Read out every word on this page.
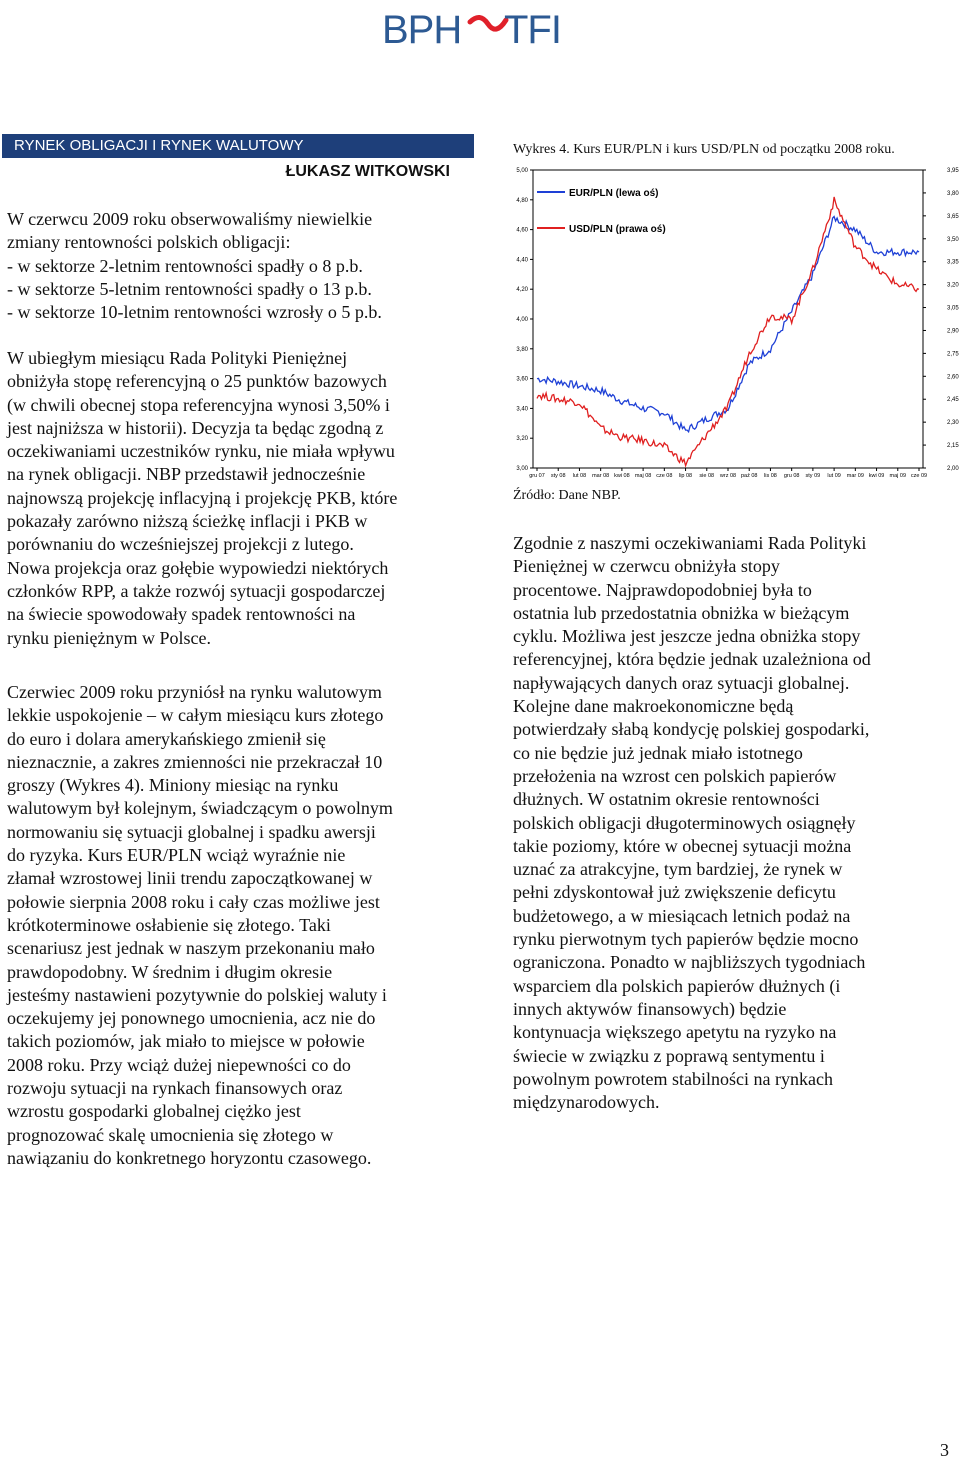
BPH TFI
RYNEK OBLIGACJI I RYNEK WALUTOWY
ŁUKASZ WITKOWSKI

W czerwcu 2009 roku obserwowaliśmy niewielkie
zmiany rentowności polskich obligacji:
- w sektorze 2-letnim rentowności spadły o 8 p.b.
- w sektorze 5-letnim rentowności spadły o 13 p.b.
- w sektorze 10-letnim rentowności wzrosły o 5 p.b.

W ubiegłym miesiącu Rada Polityki Pieniężnej
obniżyła stopę referencyjną o 25 punktów bazowych
(w chwili obecnej stopa referencyjna wynosi 3,50% i
jest najniższa w historii). Decyzja ta będąc zgodną z
oczekiwaniami uczestników rynku, nie miała wpływu
na rynek obligacji. NBP przedstawił jednocześnie
najnowszą projekcję inflacyjną i projekcję PKB, które
pokazały zarówno niższą ścieżkę inflacji i PKB w
porównaniu do wcześniejszej projekcji z lutego.
Nowa projekcja oraz gołębie wypowiedzi niektórych
członków RPP, a także rozwój sytuacji gospodarczej
na świecie spowodowały spadek rentowności na
rynku pieniężnym w Polsce.

Czerwiec 2009 roku przyniósł na rynku walutowym
lekkie uspokojenie – w całym miesiącu kurs złotego
do euro i dolara amerykańskiego zmienił się
nieznacznie, a zakres zmienności nie przekraczał 10
groszy (Wykres 4). Miniony miesiąc na rynku
walutowym był kolejnym, świadczącym o powolnym
normowaniu się sytuacji globalnej i spadku awersji
do ryzyka. Kurs EUR/PLN wciąż wyraźnie nie
złamał wzrostowej linii trendu zapoczątkowanej w
połowie sierpnia 2008 roku i cały czas możliwe jest
krótkoterminowe osłabienie się złotego. Taki
scenariusz jest jednak w naszym przekonaniu mało
prawdopodobny. W średnim i długim okresie
jesteśmy nastawieni pozytywnie do polskiej waluty i
oczekujemy jej ponownego umocnienia, acz nie do
takich poziomów, jak miało to miejsce w połowie
2008 roku. Przy wciąż dużej niepewności co do
rozwoju sytuacji na rynkach finansowych oraz
wzrostu gospodarki globalnej ciężko jest
prognozować skalę umocnienia się złotego w
nawiązaniu do konkretnego horyzontu czasowego.

Zgodnie z naszymi oczekiwaniami Rada Polityki
Pieniężnej w czerwcu obniżyła stopy
procentowe. Najprawdopodobniej była to
ostatnia lub przedostatnia obniżka w bieżącym
cyklu. Możliwa jest jeszcze jedna obniżka stopy
referencyjnej, która będzie jednak uzależniona od
napływających danych oraz sytuacji globalnej.
Kolejne dane makroekonomiczne będą
potwierdzały słabą kondycję polskiej gospodarki,
co nie będzie już jednak miało istotnego
przełożenia na wzrost cen polskich papierów
dłużnych. W ostatnim okresie rentowności
polskich obligacji długoterminowych osiągnęły
takie poziomy, które w obecnej sytuacji można
uznać za atrakcyjne, tym bardziej, że rynek w
pełni zdyskontował już zwiększenie deficytu
budżetowego, a w miesiącach letnich podaż na
rynku pierwotnym tych papierów będzie mocno
ograniczona. Ponadto w najbliższych tygodniach
wsparciem dla polskich papierów dłużnych (i
innych aktywów finansowych) będzie
kontynuacja większego apetytu na ryzyko na
świecie w związku z poprawą sentymentu i
powolnym powrotem stabilności na rynkach
międzynarodowych.

Wykres 4. Kurs EUR/PLN i kurs USD/PLN od początku 2008 roku.
3,00
3,20
3,40
3,60
3,80
4,00
4,20
4,40
4,60
4,80
5,00
2,00
2,15
2,30
2,45
2,60
2,75
2,90
3,05
3,20
3,35
3,50
3,65
3,80
3,95
gru 07 sty 08 lut 08 mar 08 kwi 08 maj 08 cze 08 lip 08 sie 08 wrz 08 paź 08 lis 08 gru 08 sty 09 lut 09 mar 09 kwi 09 maj 09 cze 09
EUR/PLN (lewa oś)
USD/PLN (prawa oś)
Źródło: Dane NBP.
3
